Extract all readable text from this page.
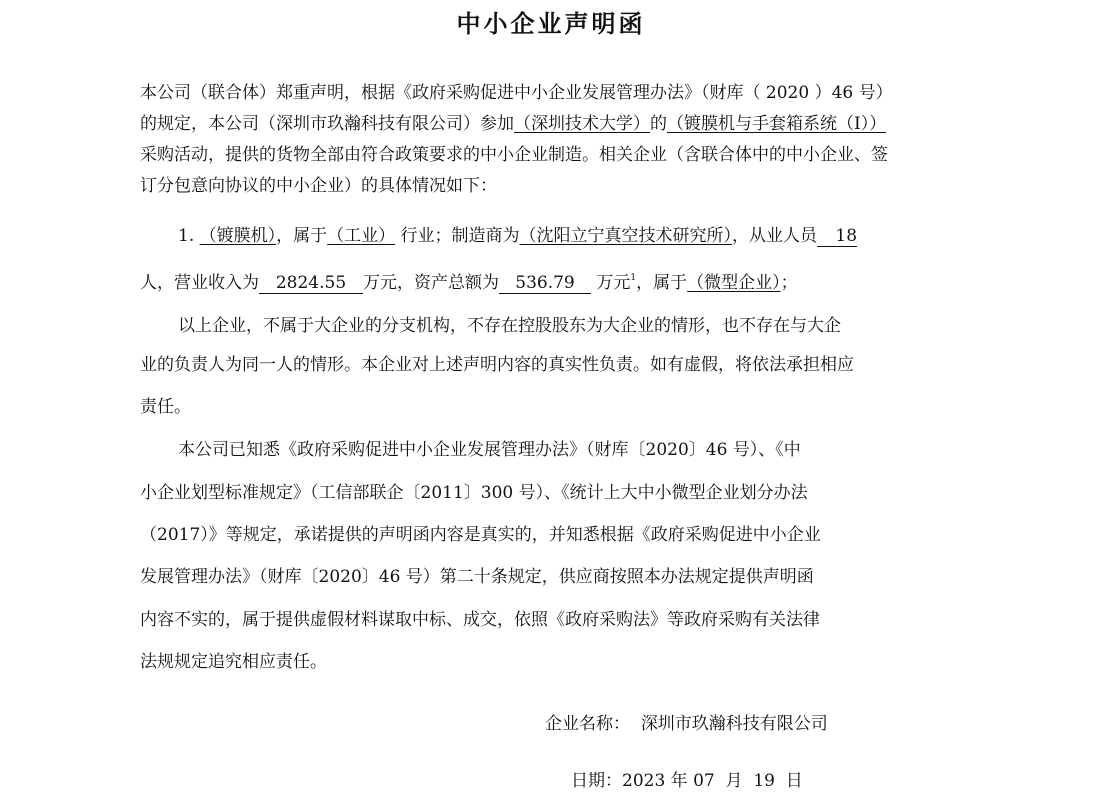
中小企业声明函
本公司（联合体）郑重声明，根据《政府采购促进中小企业发展管理办法》（财库（ 2020 ）46 号）
的规定，本公司（深圳市玖瀚科技有限公司）参加（深圳技术大学）的（镀膜机与手套箱系统（I））
采购活动，提供的货物全部由符合政策要求的中小企业制造。相关企业（含联合体中的中小企业、签
订分包意向协议的中小企业）的具体情况如下：
1. （镀膜机），属于（工业） 行业；制造商为（沈阳立宁真空技术研究所），从业人员 18
人，营业收入为 2824.55 万元，资产总额为 536.79 万元$^1$，属于（微型企业）；
以上企业，不属于大企业的分支机构，不存在控股股东为大企业的情形，也不存在与大企
业的负责人为同一人的情形。本企业对上述声明内容的真实性负责。如有虚假，将依法承担相应
责任。
本公司已知悉《政府采购促进中小企业发展管理办法》（财库〔2020〕46 号）、《中
小企业划型标准规定》（工信部联企〔2011〕300 号）、《统计上大中小微型企业划分办法
（2017）》等规定，承诺提供的声明函内容是真实的，并知悉根据《政府采购促进中小企业
发展管理办法》（财库〔2020〕46 号）第二十条规定，供应商按照本办法规定提供声明函
内容不实的，属于提供虚假材料谋取中标、成交，依照《政府采购法》等政府采购有关法律
法规规定追究相应责任。
企业名称： 深圳市玖瀚科技有限公司
日期：2023 年 07 月 19 日
